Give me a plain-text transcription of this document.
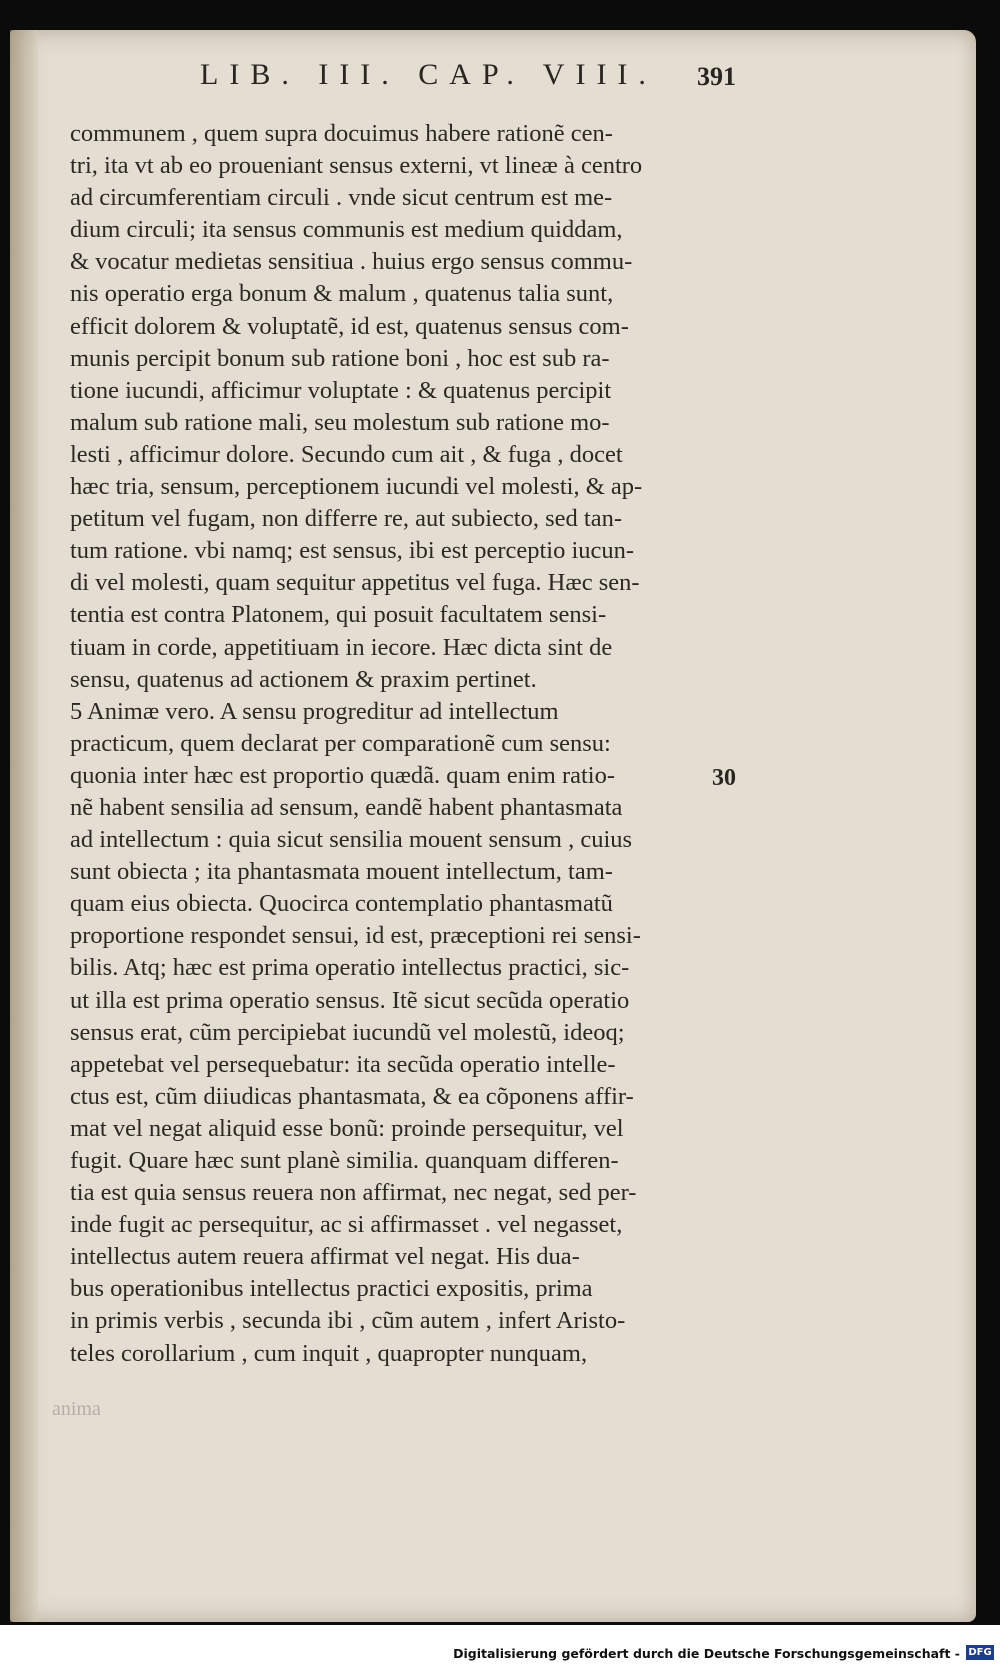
LIB. III. CAP. VIII.	391
communem , quem supra docuimus habere rationẽ cen-
tri, ita vt ab eo proueniant sensus externi, vt lineæ à centro
ad circumferentiam circuli . vnde sicut centrum est me-
dium circuli; ita sensus communis est medium quiddam,
& vocatur medietas sensitiua . huius ergo sensus commu-
nis operatio erga bonum & malum , quatenus talia sunt,
efficit dolorem & voluptatẽ, id est, quatenus sensus com-
munis percipit bonum sub ratione boni , hoc est sub ra-
tione iucundi, afficimur voluptate : & quatenus percipit
malum sub ratione mali, seu molestum sub ratione mo-
lesti , afficimur dolore. Secundo cum ait , & fuga , docet
hæc tria, sensum, perceptionem iucundi vel molesti, & ap-
petitum vel fugam, non differre re, aut subiecto, sed tan-
tum ratione. vbi namq; est sensus, ibi est perceptio iucun-
di vel molesti, quam sequitur appetitus vel fuga. Hæc sen-
tentia est contra Platonem, qui posuit facultatem sensi-
tiuam in corde, appetitiuam in iecore. Hæc dicta sint de
sensu, quatenus ad actionem & praxim pertinet.
5 Animæ vero. A sensu progreditur ad intellectum
practicum, quem declarat per comparationẽ cum sensu:
quonia inter hæc est proportio quædã. quam enim ratio-
nẽ habent sensilia ad sensum, eandẽ habent phantasmata
ad intellectum : quia sicut sensilia mouent sensum , cuius
sunt obiecta ; ita phantasmata mouent intellectum, tam-
quam eius obiecta. Quocirca contemplatio phantasmatũ
proportione respondet sensui, id est, præceptioni rei sensi-
bilis. Atq; hæc est prima operatio intellectus practici, sic-
ut illa est prima operatio sensus. Itẽ sicut secũda operatio
sensus erat, cũm percipiebat iucundũ vel molestũ, ideoq;
appetebat vel persequebatur: ita secũda operatio intelle-
ctus est, cũm diiudicas phantasmata, & ea cõponens affir-
mat vel negat aliquid esse bonũ: proinde persequitur, vel
fugit. Quare hæc sunt planè similia. quanquam differen-
tia est quia sensus reuera non affirmat, nec negat, sed per-
inde fugit ac persequitur, ac si affirmasset . vel negasset,
intellectus autem reuera affirmat vel negat. His dua-
bus operationibus intellectus practici expositis, prima
in primis verbis , secunda ibi , cũm autem , infert Aristo-
teles corollarium , cum inquit , quapropter nunquam,
30
anima
Digitalisierung gefördert durch die Deutsche Forschungsgemeinschaft - DFG
